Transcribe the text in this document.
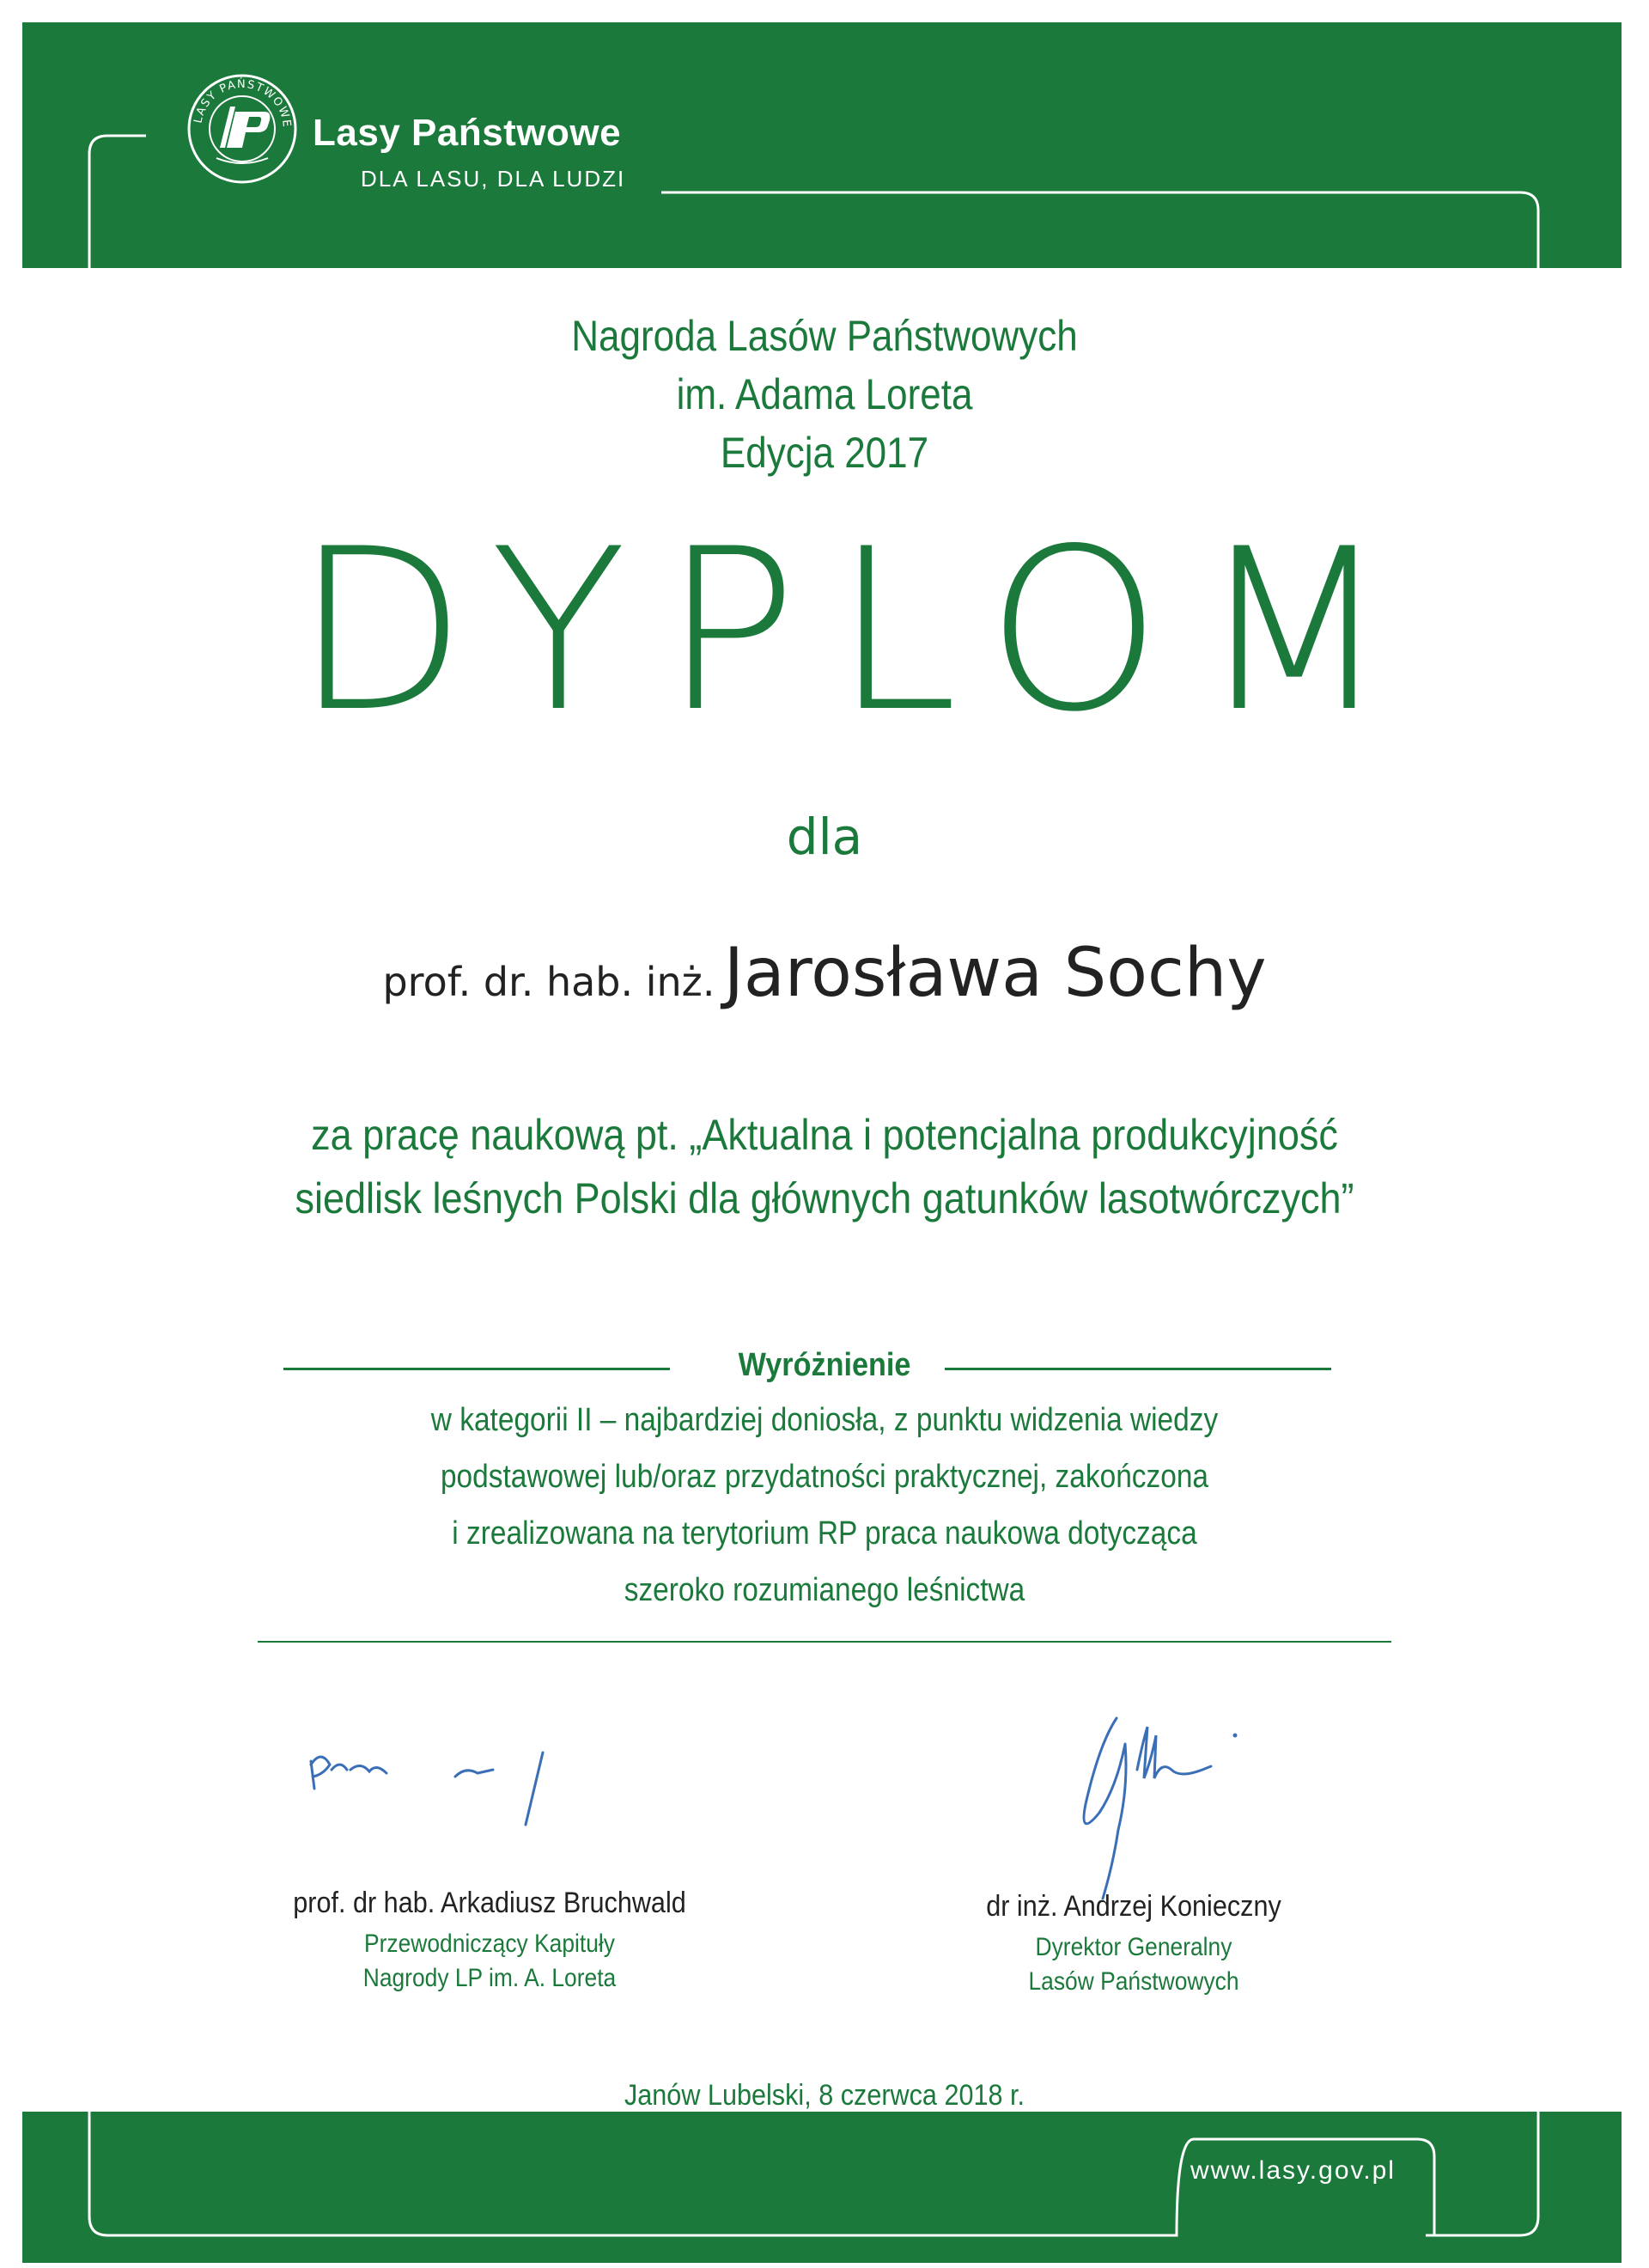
LASY PAŃSTWOWE Lasy Państwowe
DLA LASU, DLA LUDZI
Nagroda Lasów Państwowych
im. Adama Loreta
Edycja 2017
DYPLOM
dla
prof. dr. hab. inż. Jarosława Sochy
za pracę naukową pt. „Aktualna i potencjalna produkcyjność
siedlisk leśnych Polski dla głównych gatunków lasotwórczych”
Wyróżnienie
w kategorii II – najbardziej doniosła, z punktu widzenia wiedzy
podstawowej lub/oraz przydatności praktycznej, zakończona
i zrealizowana na terytorium RP praca naukowa dotycząca
szeroko rozumianego leśnictwa
prof. dr hab. Arkadiusz Bruchwald
Przewodniczący Kapituły
Nagrody LP im. A. Loreta
dr inż. Andrzej Konieczny
Dyrektor Generalny
Lasów Państwowych
Janów Lubelski, 8 czerwca 2018 r.
www.lasy.gov.pl
